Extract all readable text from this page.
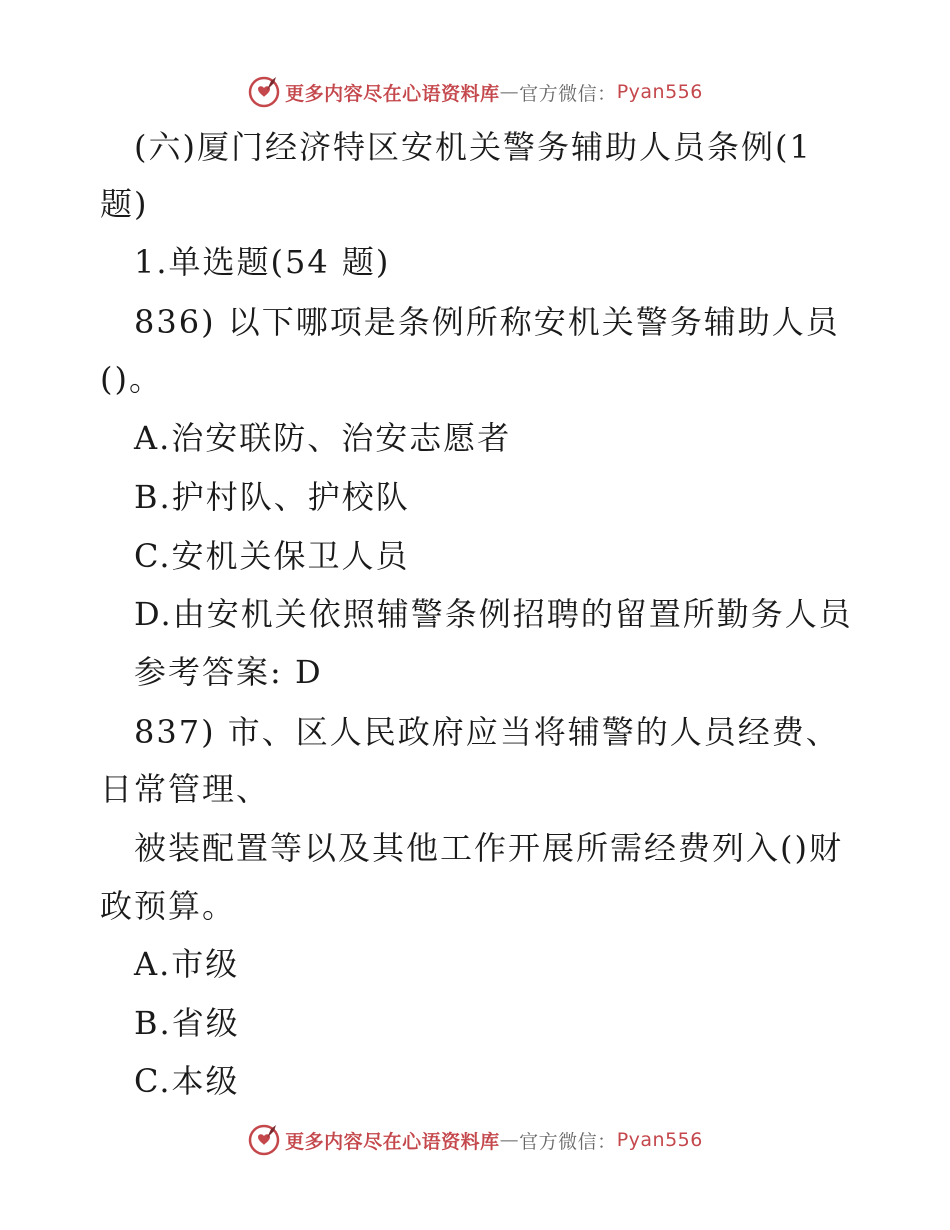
更多内容尽在心语资料库 — 官方微信： Pyan556
(六)厦门经济特区安机关警务辅助人员条例(1
题)
1.单选题(54 题)
836) 以下哪项是条例所称安机关警务辅助人员
()。
A.治安联防、治安志愿者
B.护村队、护校队
C.安机关保卫人员
D.由安机关依照辅警条例招聘的留置所勤务人员
参考答案: D
837) 市、区人民政府应当将辅警的人员经费、
日常管理、
被装配置等以及其他工作开展所需经费列入()财
政预算。
A.市级
B.省级
C.本级
更多内容尽在心语资料库 — 官方微信： Pyan556
